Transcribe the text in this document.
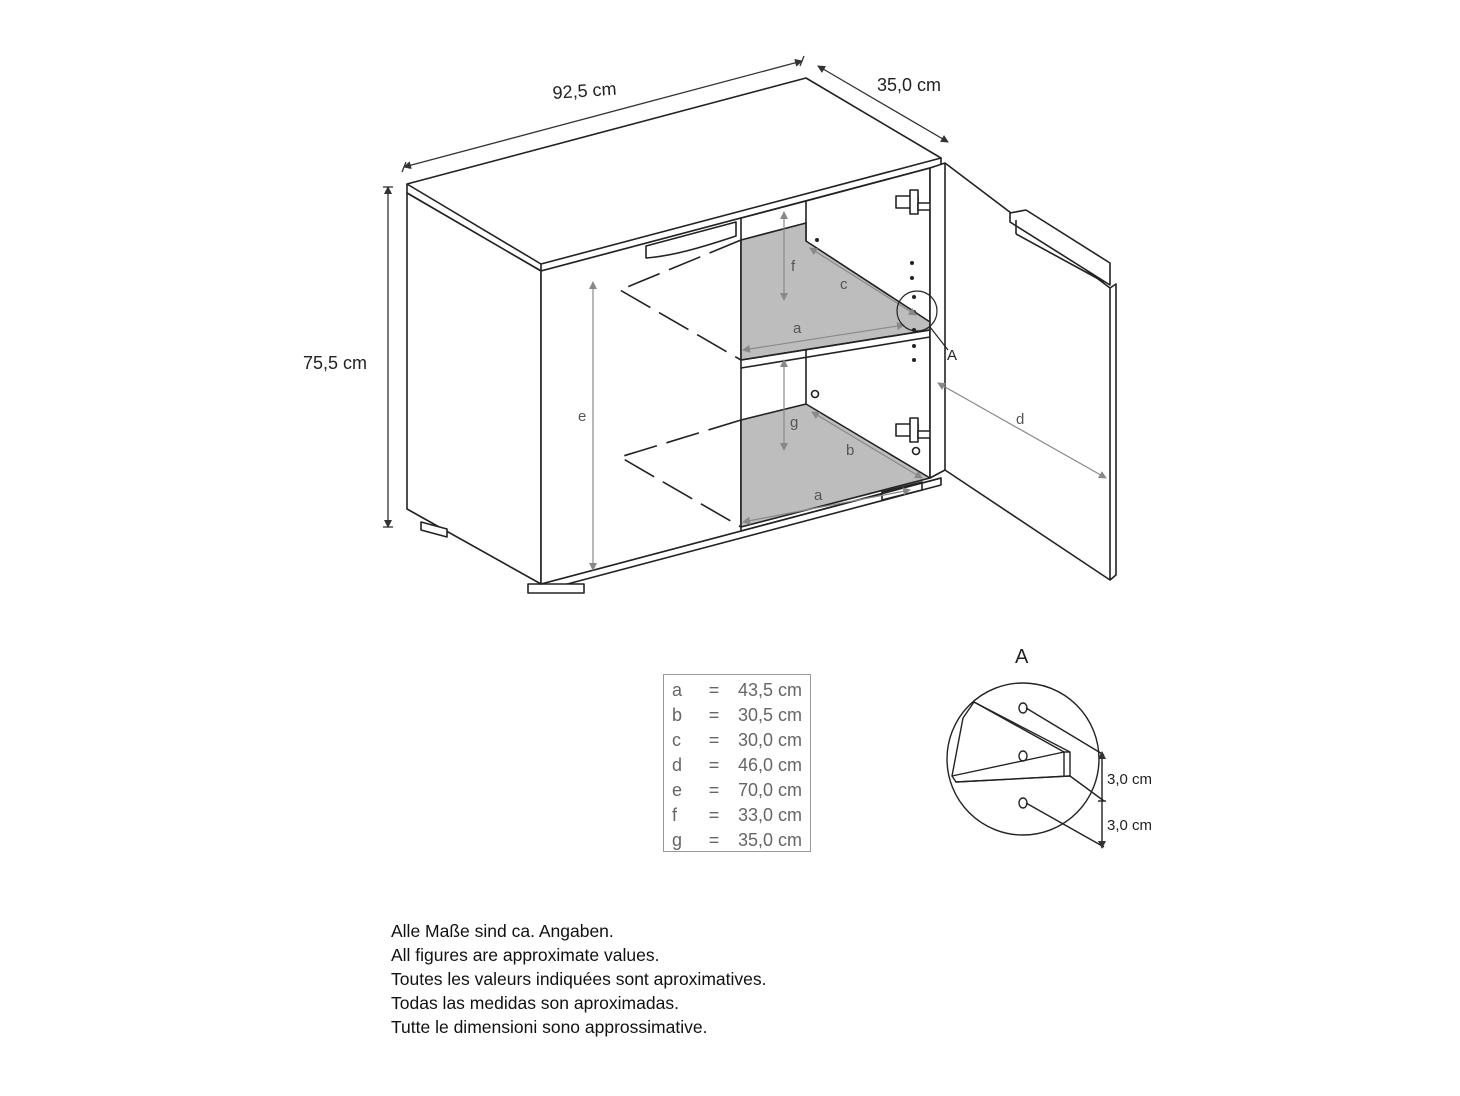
92,5 cm	35,0 cm
75,5 cm
e
f
g
a
a
c
b
d
A
A
3,0 cm
3,0 cm
a	=	43,5 cm
b	=	30,5 cm
c	=	30,0 cm
d	=	46,0 cm
e	=	70,0 cm
f	=	33,0 cm
g	=	35,0 cm
Alle Maße sind ca. Angaben.
All figures are approximate values.
Toutes les valeurs indiquées sont aproximatives.
Todas las medidas son aproximadas.
Tutte le dimensioni sono approssimative.
